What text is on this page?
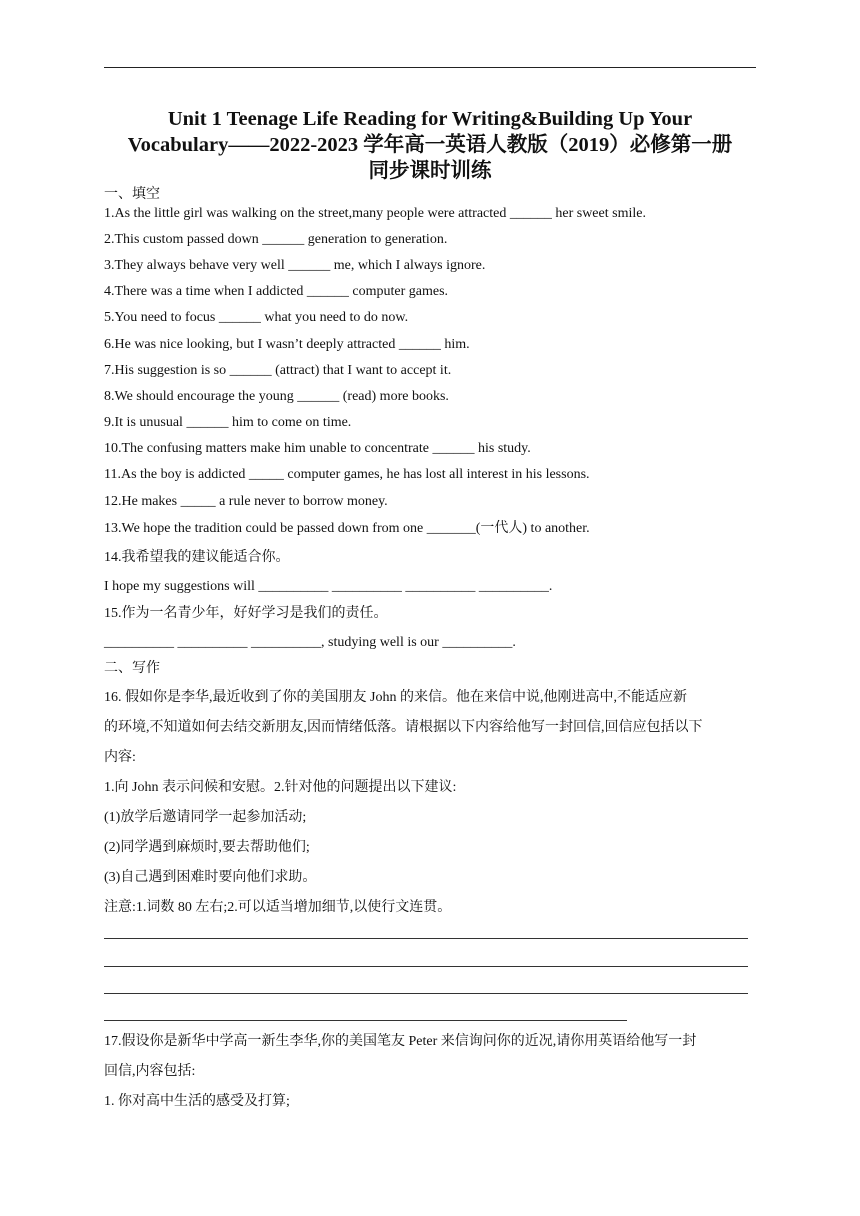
Unit 1 Teenage Life Reading for Writing&Building Up Your
Vocabulary——2022-2023 学年高一英语人教版（2019）必修第一册
同步课时训练
一、填空
1.As the little girl was walking on the street,many people were attracted ______ her sweet smile.
2.This custom passed down ______ generation to generation.
3.They always behave very well ______ me, which I always ignore.
4.There was a time when I addicted ______ computer games.
5.You need to focus ______ what you need to do now.
6.He was nice looking, but I wasn’t deeply attracted ______ him.
7.His suggestion is so ______ (attract) that I want to accept it.
8.We should encourage the young ______ (read) more books.
9.It is unusual ______ him to come on time.
10.The confusing matters make him unable to concentrate ______ his study.
11.As the boy is addicted _____ computer games, he has lost all interest in his lessons.
12.He makes _____ a rule never to borrow money.
13.We hope the tradition could be passed down from one _______(一代人) to another.
14.我希望我的建议能适合你。
I hope my suggestions will __________ __________ __________ __________.
15.作为一名青少年，好好学习是我们的责任。
__________ __________ __________, studying well is our __________.
二、写作
16. 假如你是李华,最近收到了你的美国朋友 John 的来信。他在来信中说,他刚进高中,不能适应新
的环境,不知道如何去结交新朋友,因而情绪低落。请根据以下内容给他写一封回信,回信应包括以下
内容:
1.向 John 表示问候和安慰。2.针对他的问题提出以下建议:
(1)放学后邀请同学一起参加活动;
(2)同学遇到麻烦时,要去帮助他们;
(3)自己遇到困难时要向他们求助。
注意:1.词数 80 左右;2.可以适当增加细节,以使行文连贯。
17.假设你是新华中学高一新生李华,你的美国笔友 Peter 来信询问你的近况,请你用英语给他写一封
回信,内容包括:
1. 你对高中生活的感受及打算;
